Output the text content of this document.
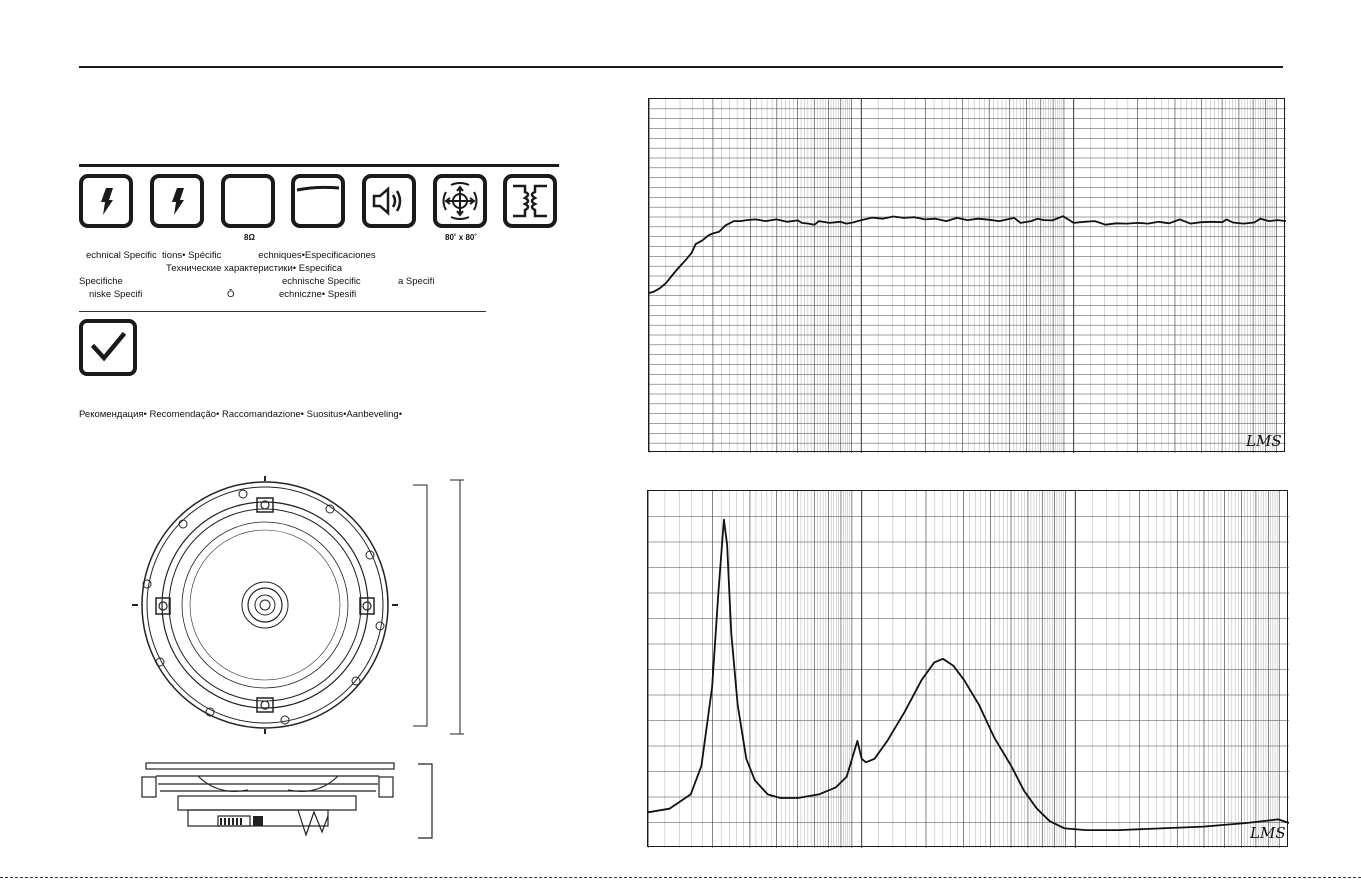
8Ω	80˚ x 80˚
echnical Specific  tions• Spécific              echniques•Especificaciones
Технические характеристики• Especifica
Specifiche	echnische Specific	a Specifi
niske Specifi	Õ	echniczne• Spesifi
Рекомендация• Recomendação• Raccomandazione• Suositus•Aanbeveling•
LMS
LMS
